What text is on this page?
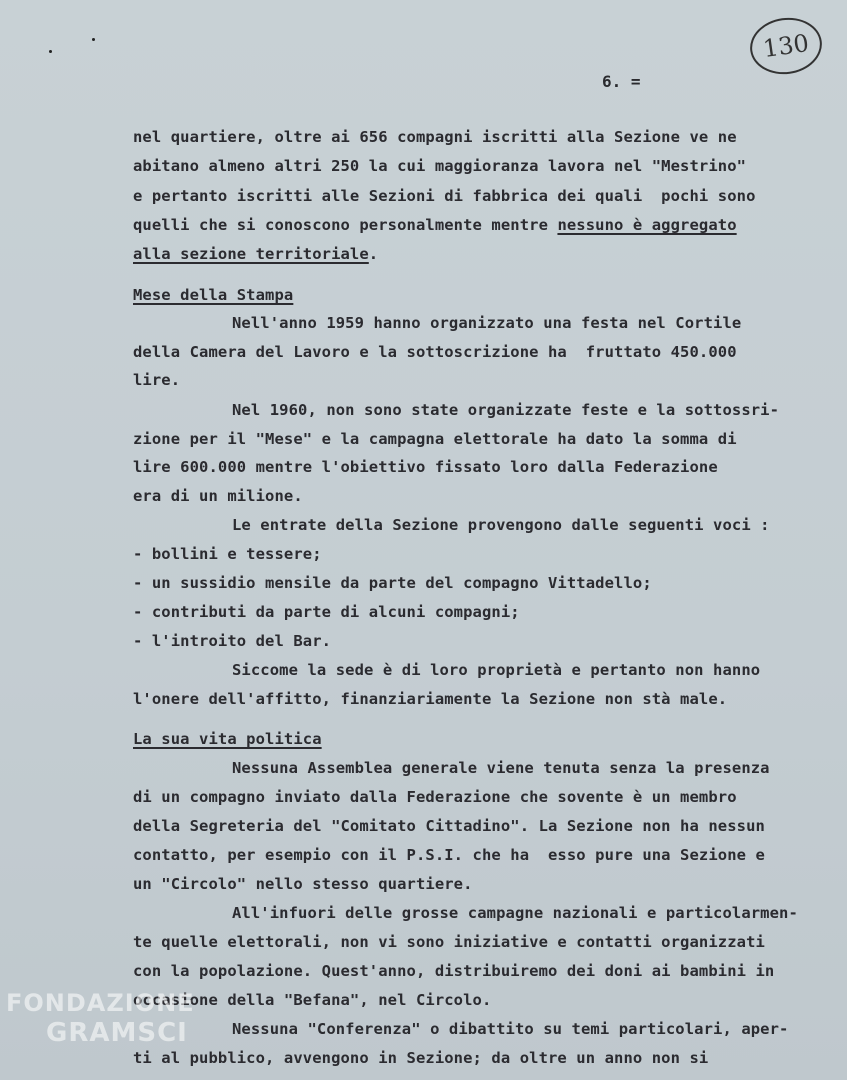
130
6. =
nel quartiere, oltre ai 656 compagni iscritti alla Sezione ve ne
abitano almeno altri 250 la cui maggioranza lavora nel "Mestrino"
e pertanto iscritti alle Sezioni di fabbrica dei quali  pochi sono
quelli che si conoscono personalmente mentre nessuno è aggregato
alla sezione territoriale.
Mese della Stampa
Nell'anno 1959 hanno organizzato una festa nel Cortile
della Camera del Lavoro e la sottoscrizione ha  fruttato 450.000
lire.
Nel 1960, non sono state organizzate feste e la sottossri-
zione per il "Mese" e la campagna elettorale ha dato la somma di
lire 600.000 mentre l'obiettivo fissato loro dalla Federazione
era di un milione.
Le entrate della Sezione provengono dalle seguenti voci :
- bollini e tessere;
- un sussidio mensile da parte del compagno Vittadello;
- contributi da parte di alcuni compagni;
- l'introito del Bar.
Siccome la sede è di loro proprietà e pertanto non hanno
l'onere dell'affitto, finanziariamente la Sezione non stà male.
La sua vita politica
Nessuna Assemblea generale viene tenuta senza la presenza
di un compagno inviato dalla Federazione che sovente è un membro
della Segreteria del "Comitato Cittadino". La Sezione non ha nessun
contatto, per esempio con il P.S.I. che ha  esso pure una Sezione e
un "Circolo" nello stesso quartiere.
All'infuori delle grosse campagne nazionali e particolarmen-
te quelle elettorali, non vi sono iniziative e contatti organizzati
con la popolazione. Quest'anno, distribuiremo dei doni ai bambini in
occasione della "Befana", nel Circolo.
Nessuna "Conferenza" o dibattito su temi particolari, aper-
ti al pubblico, avvengono in Sezione; da oltre un anno non si
FONDAZIONE
GRAMSCI
